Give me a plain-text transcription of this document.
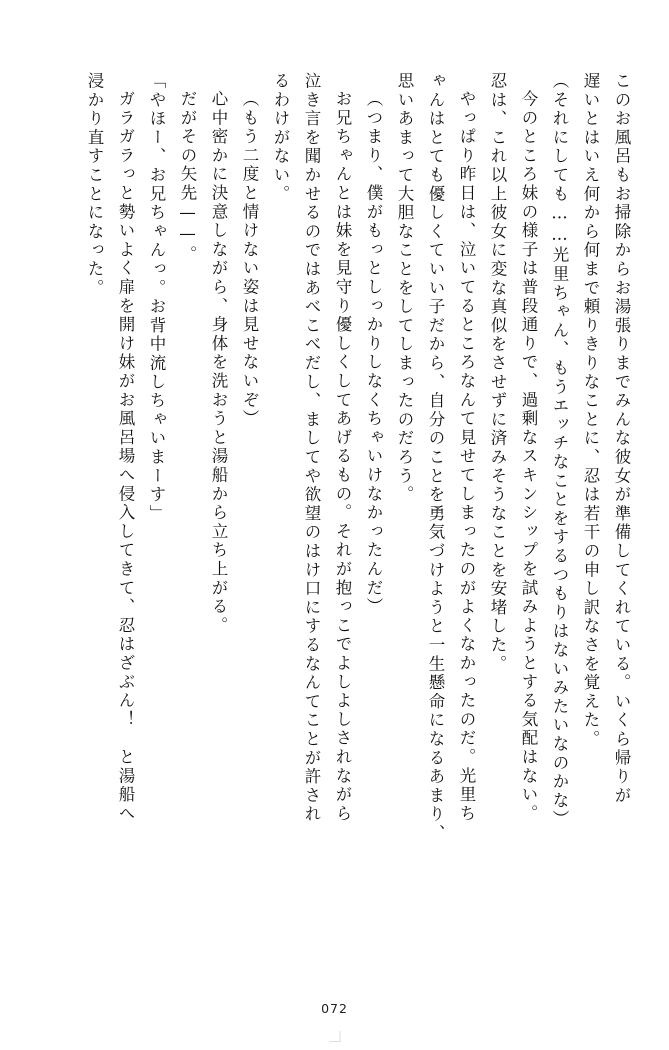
このお風呂もお掃除からお湯張りまでみんな彼女が準備してくれている。いくら帰りが
遅いとはいえ何から何まで頼りきりなことに、忍は若干の申し訳なさを覚えた。
（それにしても……光里ちゃん、もうエッチなことをするつもりはないみたいなのかな）
今のところ妹の様子は普段通りで、過剰なスキンシップを試みようとする気配はない。
忍は、これ以上彼女に変な真似をさせずに済みそうなことを安堵した。
やっぱり昨日は、泣いてるところなんて見せてしまったのがよくなかったのだ。光里ち
ゃんはとても優しくていい子だから、自分のことを勇気づけようと一生懸命になるあまり、
思いあまって大胆なことをしてしまったのだろう。
（つまり、僕がもっとしっかりしなくちゃいけなかったんだ）
お兄ちゃんとは妹を見守り優しくしてあげるもの。それが抱っこでよしよしされながら
泣き言を聞かせるのではあべこべだし、ましてや欲望のはけ口にするなんてことが許され
るわけがない。
（もう二度と情けない姿は見せないぞ）
心中密かに決意しながら、身体を洗おうと湯船から立ち上がる。
だがその矢先——。
「やほー、お兄ちゃんっ。お背中流しちゃいまーす」
ガラガラっと勢いよく扉を開け妹がお風呂場へ侵入してきて、忍はざぶん！　と湯船へ
浸かり直すことになった。
072
